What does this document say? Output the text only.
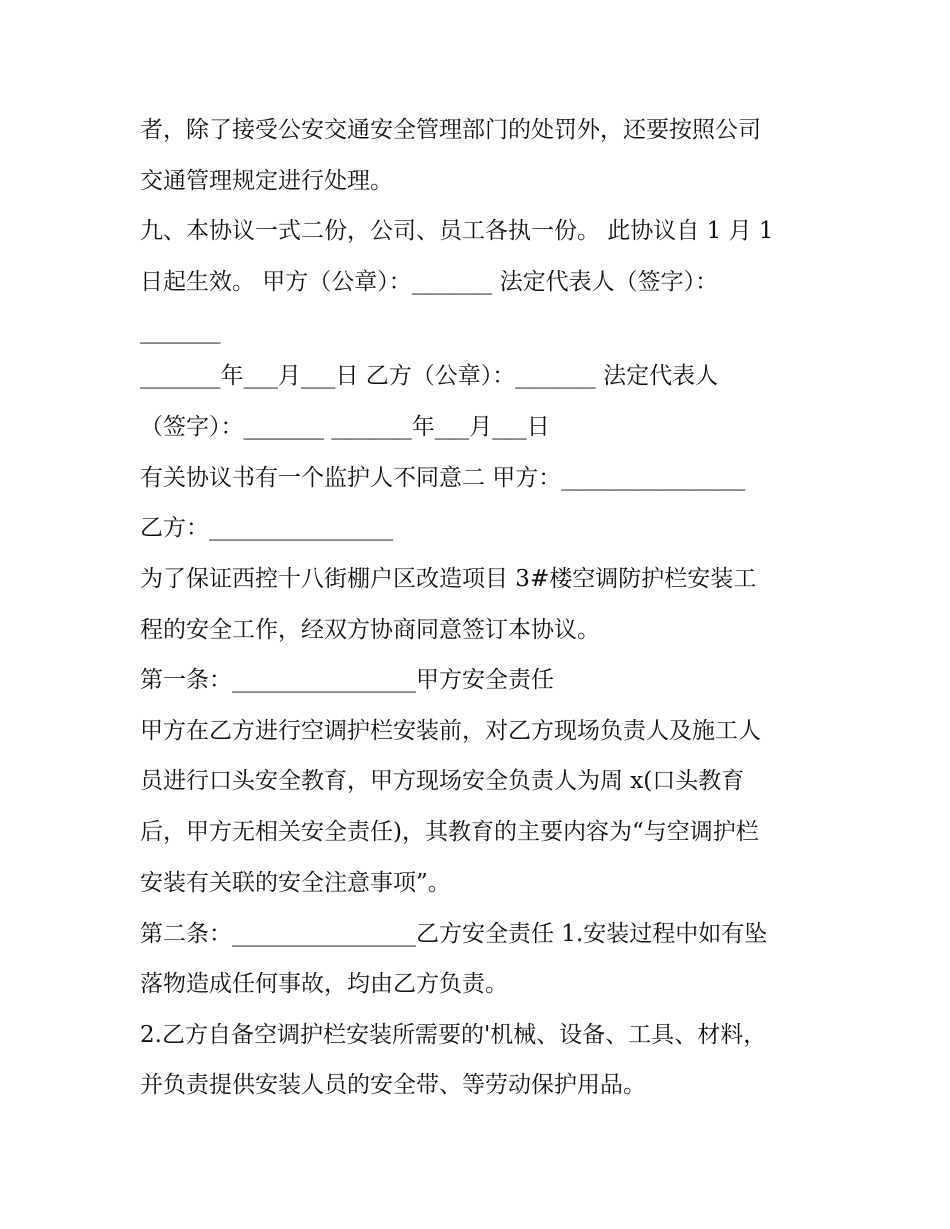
者，除了接受公安交通安全管理部门的处罚外，还要按照公司
交通管理规定进行处理。
九、本协议一式二份，公司、员工各执一份。 此协议自 1 月 1
日起生效。 甲方（公章）：_______ 法定代表人（签字）：
_______
_______年___月___日 乙方（公章）：_______ 法定代表人
（签字）：_______ _______年___月___日
有关协议书有一个监护人不同意二 甲方：________________
乙方：________________
为了保证西控十八街棚户区改造项目 3#楼空调防护栏安装工
程的安全工作，经双方协商同意签订本协议。
第一条：________________甲方安全责任
甲方在乙方进行空调护栏安装前，对乙方现场负责人及施工人
员进行口头安全教育，甲方现场安全负责人为周 x(口头教育
后，甲方无相关安全责任)，其教育的主要内容为“与空调护栏
安装有关联的安全注意事项”。
第二条：________________乙方安全责任 1.安装过程中如有坠
落物造成任何事故，均由乙方负责。
2.乙方自备空调护栏安装所需要的'机械、设备、工具、材料，
并负责提供安装人员的安全带、等劳动保护用品。
